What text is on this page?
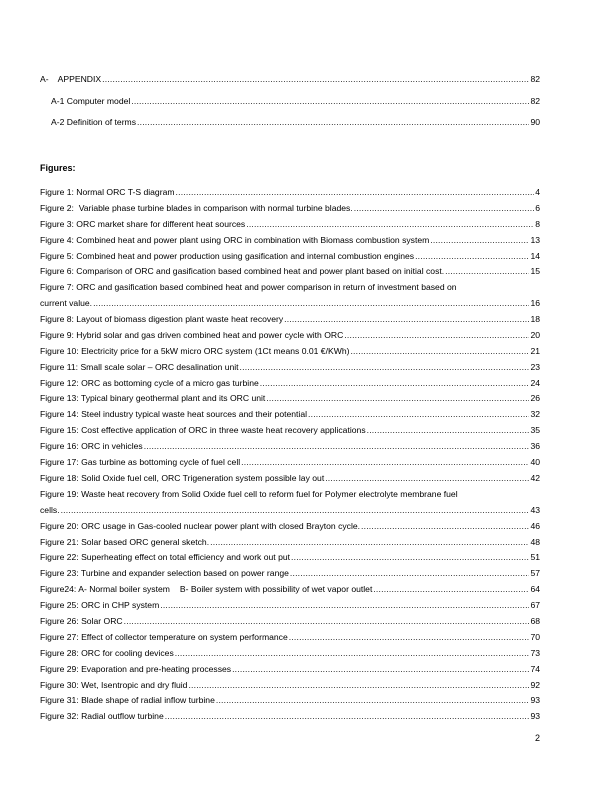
A-    APPENDIX .....	82
A-1 Computer model .....	82
A-2 Definition of terms .....	90
Figures:
Figure 1: Normal ORC T-S diagram .....	4
Figure 2:  Variable phase turbine blades in comparison with normal turbine blades. .....	6
Figure 3: ORC market share for different heat sources .....	8
Figure 4: Combined heat and power plant using ORC in combination with Biomass combustion system .....	13
Figure 5: Combined heat and power production using gasification and internal combustion engines .....	14
Figure 6: Comparison of ORC and gasification based combined heat and power plant based on initial cost. .....	15
Figure 7: ORC and gasification based combined heat and power comparison in return of investment based on
current value. .....	16
Figure 8: Layout of biomass digestion plant waste heat recovery .....	18
Figure 9: Hybrid solar and gas driven combined heat and power cycle with ORC .....	20
Figure 10: Electricity price for a 5kW micro ORC system (1Ct means 0.01 €/KWh) .....	21
Figure 11: Small scale solar – ORC desalination unit .....	23
Figure 12: ORC as bottoming cycle of a micro gas turbine .....	24
Figure 13: Typical binary geothermal plant and its ORC unit .....	26
Figure 14: Steel industry typical waste heat sources and their potential .....	32
Figure 15: Cost effective application of ORC in three waste heat recovery applications .....	35
Figure 16: ORC in vehicles .....	36
Figure 17: Gas turbine as bottoming cycle of fuel cell .....	40
Figure 18: Solid Oxide fuel cell, ORC Trigeneration system possible lay out .....	42
Figure 19: Waste heat recovery from Solid Oxide fuel cell to reform fuel for Polymer electrolyte membrane fuel
cells. .....	43
Figure 20: ORC usage in Gas-cooled nuclear power plant with closed Brayton cycle. .....	46
Figure 21: Solar based ORC general sketch. .....	48
Figure 22: Superheating effect on total efficiency and work out put .....	51
Figure 23: Turbine and expander selection based on power range .....	57
Figure24: A- Normal boiler system B- Boiler system with possibility of wet vapor outlet .....	64
Figure 25: ORC in CHP system .....	67
Figure 26: Solar ORC .....	68
Figure 27: Effect of collector temperature on system performance .....	70
Figure 28: ORC for cooling devices .....	73
Figure 29: Evaporation and pre-heating processes .....	74
Figure 30: Wet, Isentropic and dry fluid .....	92
Figure 31: Blade shape of radial inflow turbine .....	93
Figure 32: Radial outflow turbine .....	93
2
